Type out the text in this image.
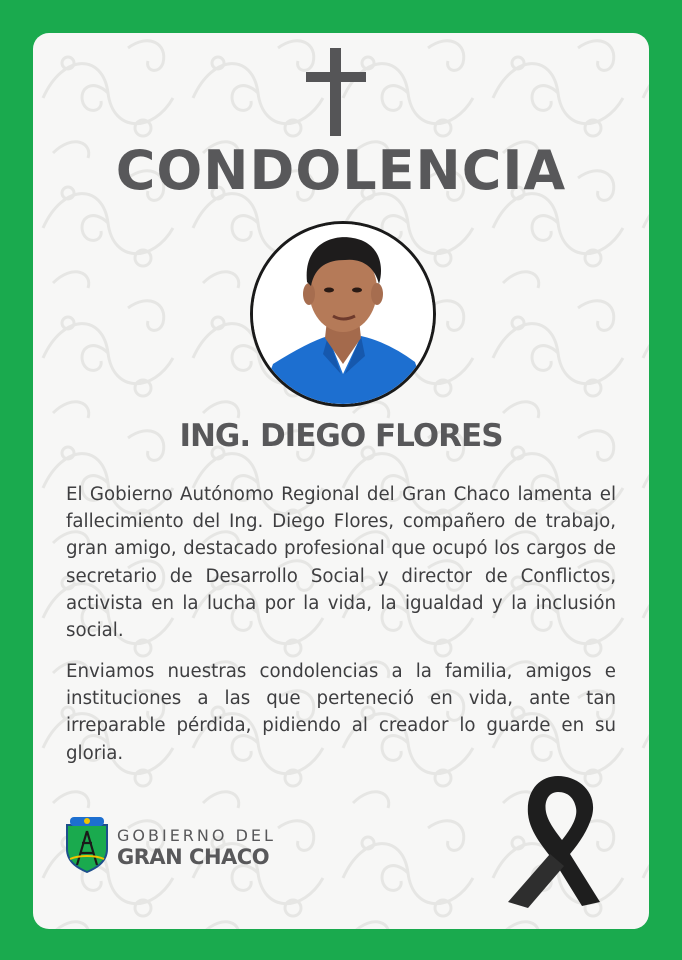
CONDOLENCIA
ING. DIEGO FLORES

El Gobierno Autónomo Regional del Gran Chaco lamenta el fallecimiento del Ing. Diego Flores, compañero de trabajo, gran amigo, destacado profesional que ocupó los cargos de secretario de Desarrollo Social y director de Conflictos, activista en la lucha por la vida, la igualdad y la inclusión social.

Enviamos nuestras condolencias a la familia, amigos e instituciones a las que perteneció en vida, ante tan irreparable pérdida, pidiendo al creador lo guarde en su gloria.

GOBIERNO DEL
GRAN CHACO
